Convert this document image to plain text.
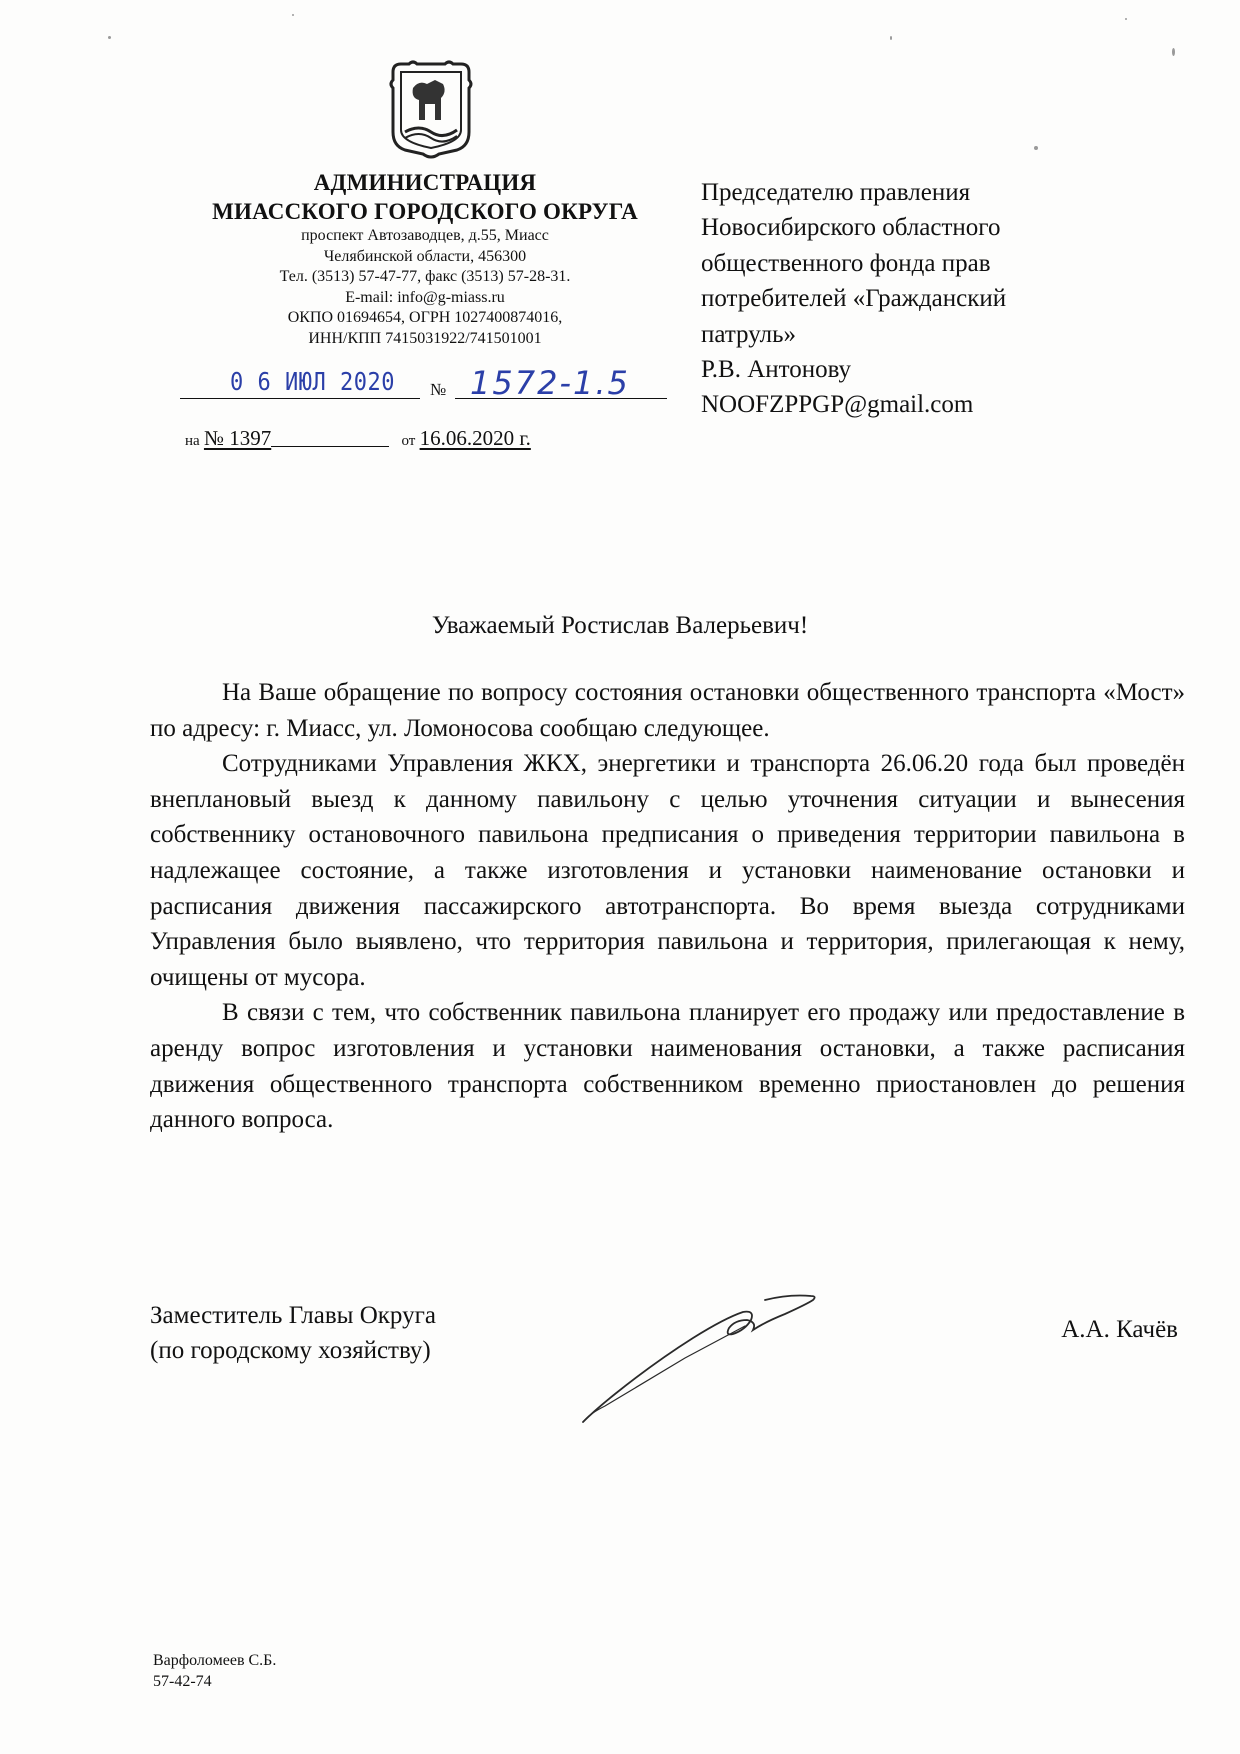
АДМИНИСТРАЦИЯ
МИАССКОГО ГОРОДСКОГО ОКРУГА
проспект Автозаводцев, д.55, Миасс
Челябинской области, 456300
Тел. (3513) 57-47-77, факс (3513) 57-28-31.
E-mail: info@g-miass.ru
ОКПО 01694654, ОГРН 1027400874016,
ИНН/КПП 7415031922/741501001
0 6 ИЮЛ 2020 № 1572-1.5
на № 1397	от 16.06.2020 г.
Председателю правления
Новосибирского областного
общественного фонда прав
потребителей «Гражданский
патруль»
Р.В. Антонову
NOOFZPPGP@gmail.com
Уважаемый Ростислав Валерьевич!

На Ваше обращение по вопросу состояния остановки общественного транспорта «Мост» по адресу: г. Миасс, ул. Ломоносова сообщаю следующее.

Сотрудниками Управления ЖКХ, энергетики и транспорта 26.06.20 года был проведён внеплановый выезд к данному павильону с целью уточнения ситуации и вынесения собственнику остановочного павильона предписания о приведения территории павильона в надлежащее состояние, а также изготовления и установки наименование остановки и расписания движения пассажирского автотранспорта. Во время выезда сотрудниками Управления было выявлено, что территория павильона и территория, прилегающая к нему, очищены от мусора.

В связи с тем, что собственник павильона планирует его продажу или предоставление в аренду вопрос изготовления и установки наименования остановки, а также расписания движения общественного транспорта собственником временно приостановлен до решения данного вопроса.

Заместитель Главы Округа
(по городскому хозяйству)
А.А. Качёв
Варфоломеев С.Б.
57-42-74
